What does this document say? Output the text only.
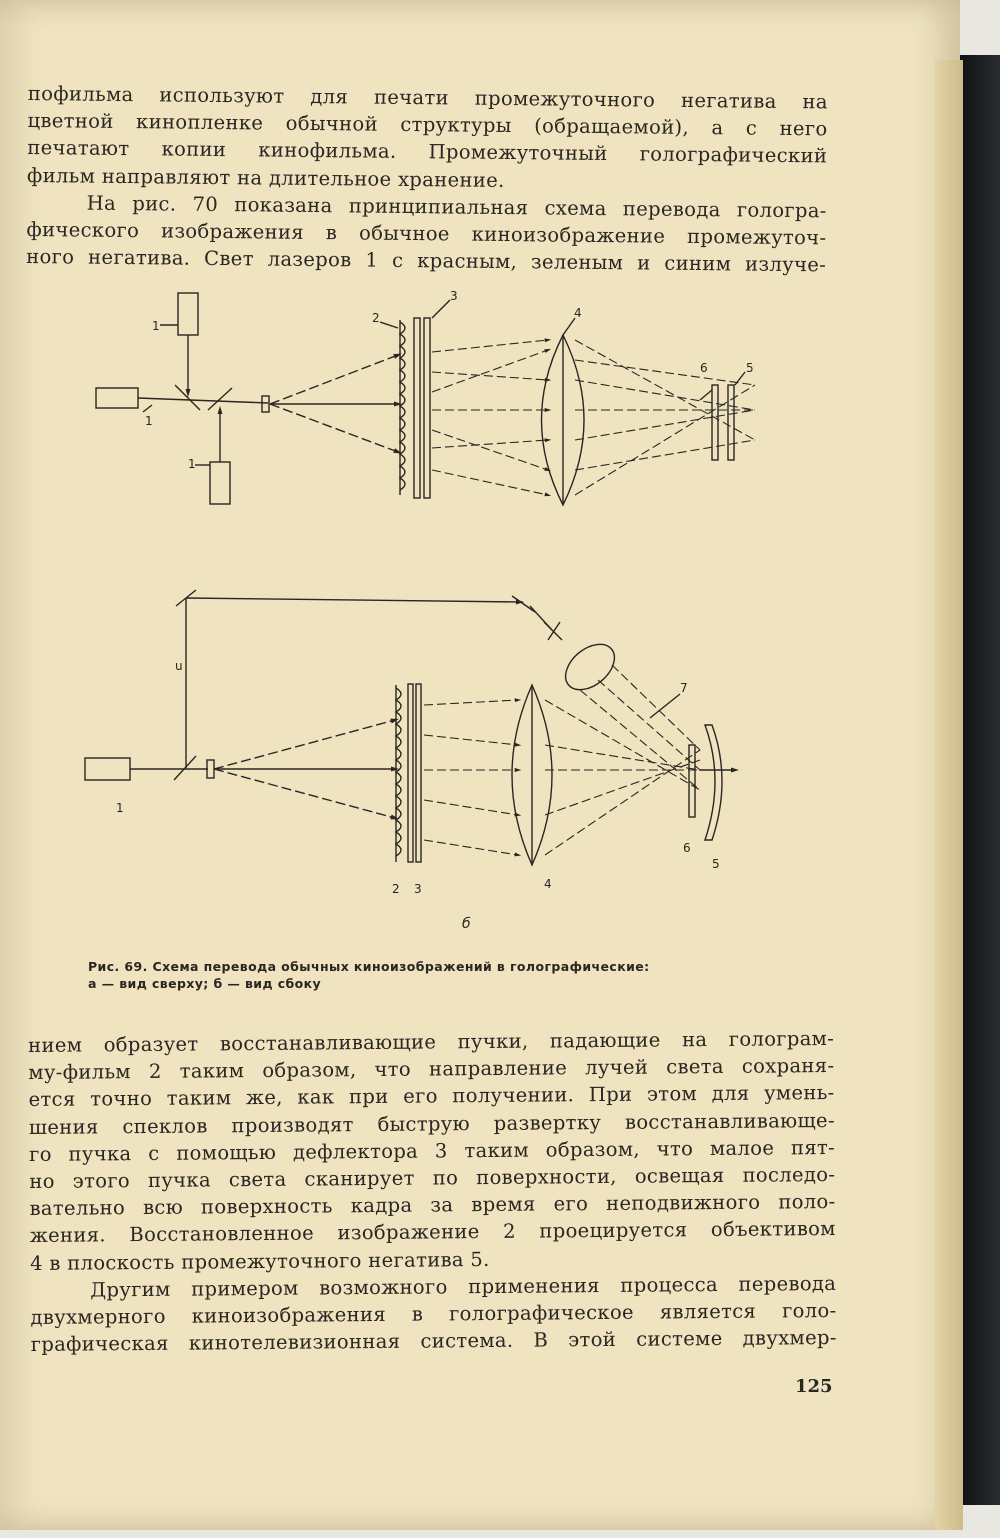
пофильма используют для печати промежуточного негатива на

цветной кинопленке обычной структуры (обращаемой), а с него

печатают копии кинофильма. Промежуточный голографический

фильм направляют на длительное хранение.

На рис. 70 показана принципиальная схема перевода гологра-

фического изображения в обычное киноизображение промежуточ-

ного негатива. Свет лазеров 1 с красным, зеленым и синим излуче-

1
1
1
2
3
4
5
6
1
u
2 3	4
5
6
7
б

Рис. 69. Схема перевода обычных киноизображений в голографические:

а — вид сверху; б — вид сбоку

нием образует восстанавливающие пучки, падающие на гологрaм-

му-фильм 2 таким образом, что направление лучей света сохраня-

ется точно таким же, как при его получении. При этом для умень-

шения спеклов производят быструю развертку восстанавливающе-

го пучка с помощью дефлектора 3 таким образом, что малое пят-

но этого пучка света сканирует по поверхности, освещая последо-

вательно всю поверхность кадра за время его неподвижного поло-

жения. Восстановленное изображение 2 проецируется объективом

4 в плоскость промежуточного негатива 5.

Другим примером возможного применения процесса перевода

двухмерного киноизображения в голографическое является голо-

графическая кинотелевизионная система. В этой системе двухмер-

125
